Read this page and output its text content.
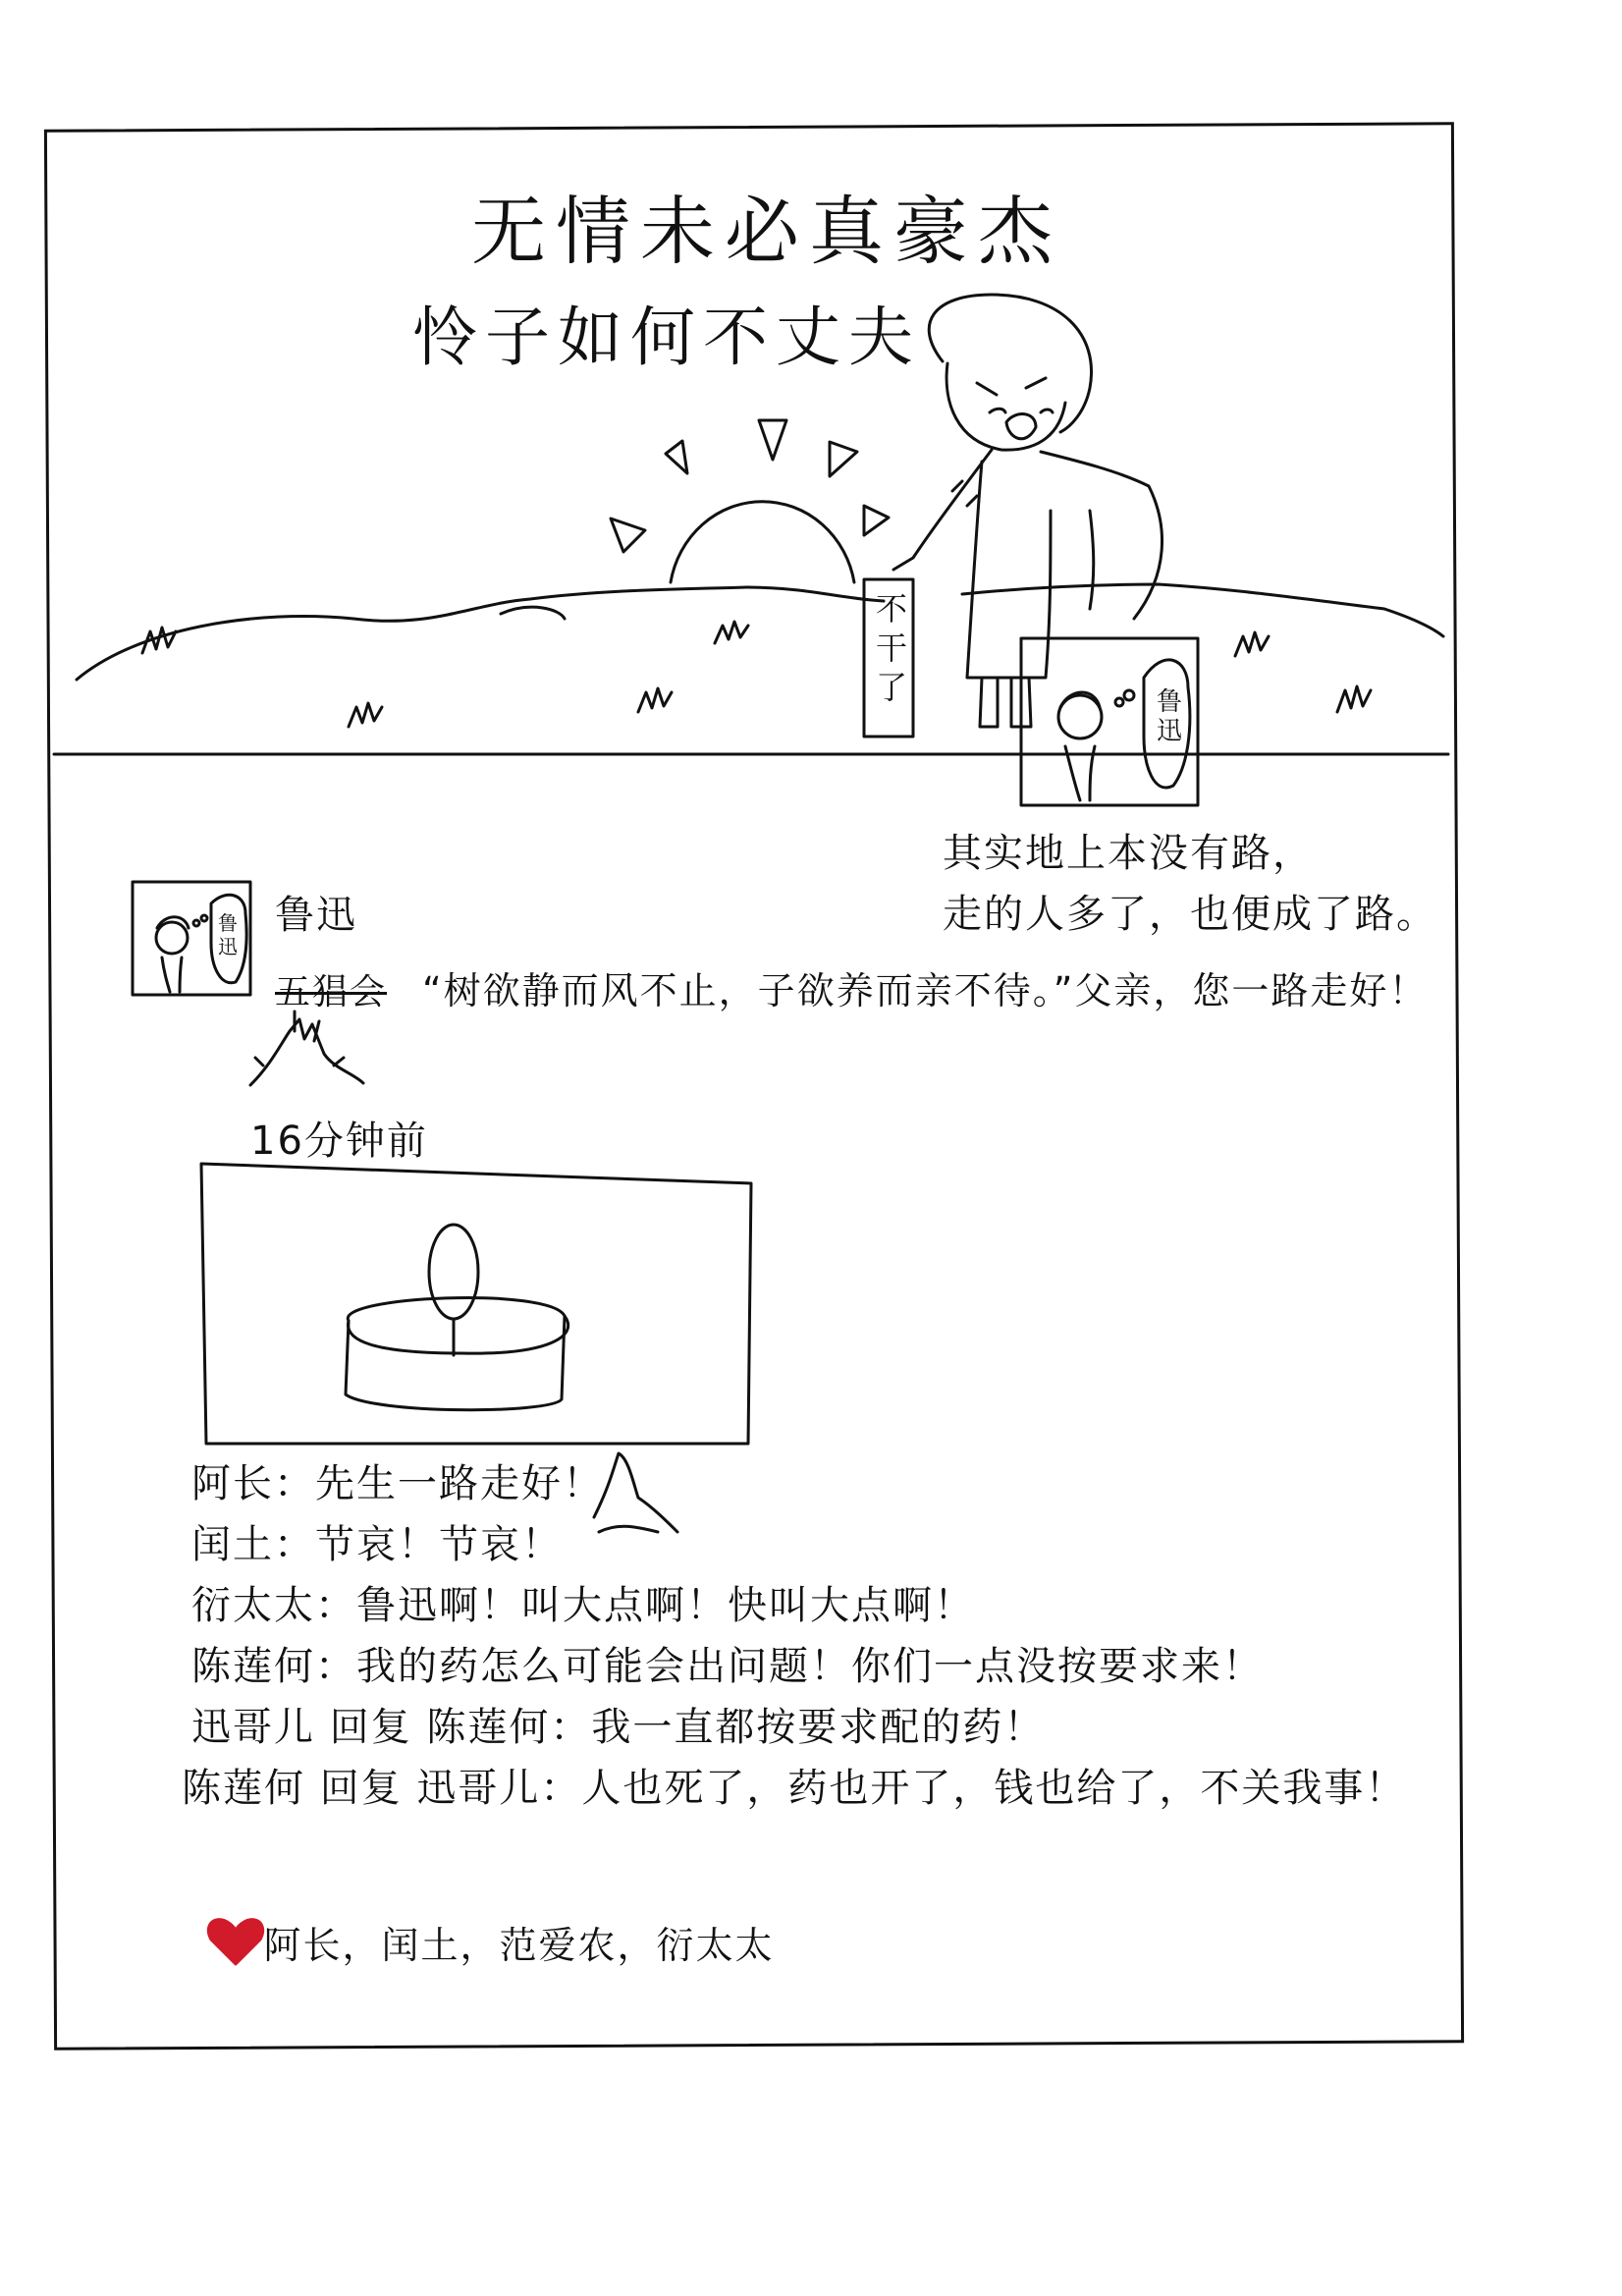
无情未必真豪杰
怜子如何不丈夫
不干了	鲁迅
其实地上本没有路，
走的人多了，也便成了路。
鲁迅
鲁迅
五猖会 “树欲静而风不止，子欲养而亲不待。”父亲，您一路走好！
16分钟前
阿长：先生一路走好！
闰土：节哀！节哀！
衍太太：鲁迅啊！叫大点啊！快叫大点啊！
陈莲何：我的药怎么可能会出问题！你们一点没按要求来！
迅哥儿 回复 陈莲何：我一直都按要求配的药！
陈莲何 回复 迅哥儿：人也死了，药也开了，钱也给了，不关我事！
阿长，闰土，范爱农，衍太太
